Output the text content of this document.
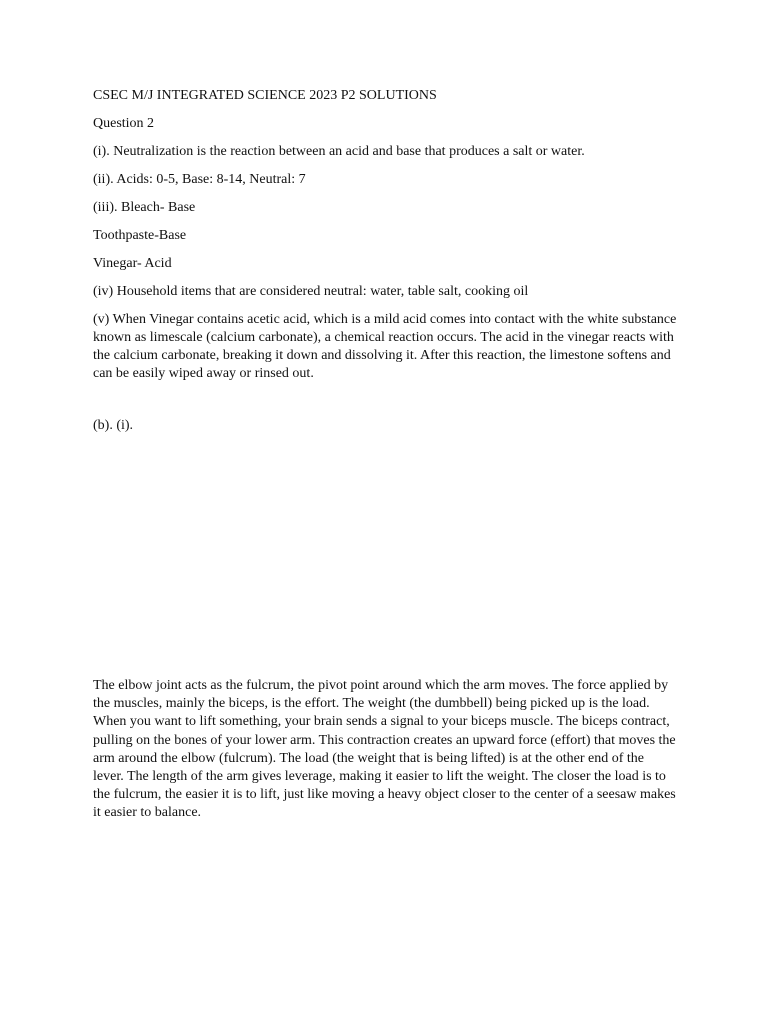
CSEC M/J INTEGRATED SCIENCE 2023 P2 SOLUTIONS

Question 2

(i). Neutralization is the reaction between an acid and base that produces a salt or water.

(ii). Acids: 0-5, Base: 8-14, Neutral: 7

(iii). Bleach- Base

Toothpaste-Base

Vinegar- Acid

(iv) Household items that are considered neutral: water, table salt, cooking oil

(v) When Vinegar contains acetic acid, which is a mild acid comes into contact with the white substance known as limescale (calcium carbonate), a chemical reaction occurs. The acid in the vinegar reacts with the calcium carbonate, breaking it down and dissolving it. After this reaction, the limestone softens and can be easily wiped away or rinsed out.

(b). (i).

The elbow joint acts as the fulcrum, the pivot point around which the arm moves. The force applied by the muscles, mainly the biceps, is the effort. The weight (the dumbbell) being picked up is the load. When you want to lift something, your brain sends a signal to your biceps muscle. The biceps contract, pulling on the bones of your lower arm. This contraction creates an upward force (effort) that moves the arm around the elbow (fulcrum). The load (the weight that is being lifted) is at the other end of the lever. The length of the arm gives leverage, making it easier to lift the weight. The closer the load is to the fulcrum, the easier it is to lift, just like moving a heavy object closer to the center of a seesaw makes it easier to balance.
